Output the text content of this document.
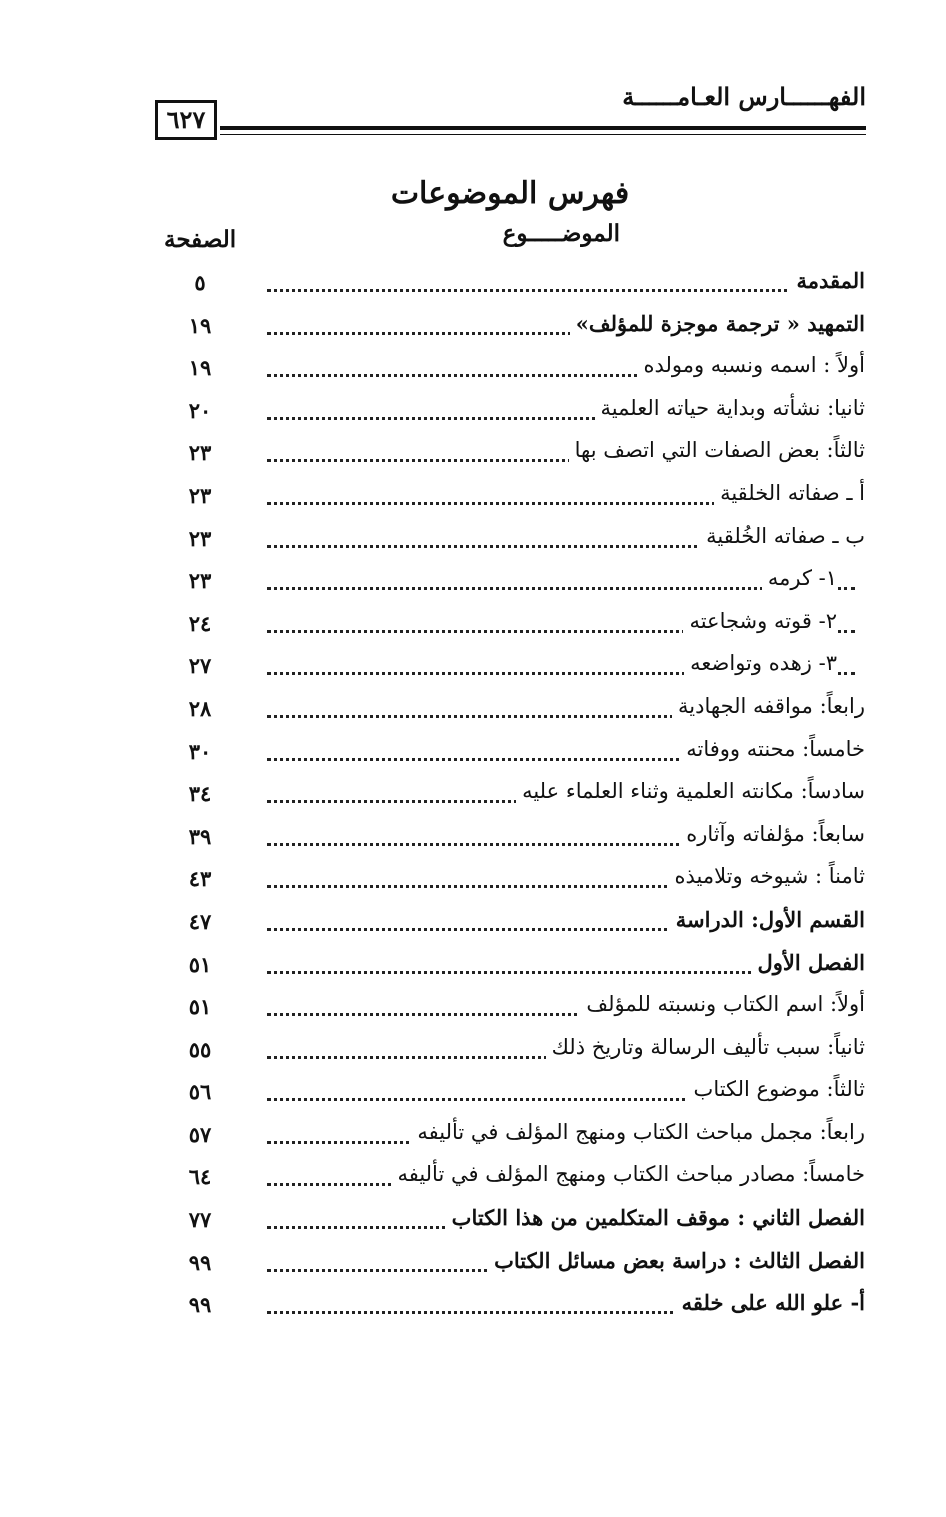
٦٢٧
الفهــــــارس العـامــــــة
فهرس الموضوعات
الموضـــــوع
الصفحة
المقدمة
٥
التمهيد « ترجمة موجزة للمؤلف»
١٩
أولاً : اسمه ونسبه ومولده
١٩
ثانيا: نشأته وبداية حياته العلمية
٢٠
ثالثاً: بعض الصفات التي اتصف بها
٢٣
أ ـ صفاته الخلقية
٢٣
ب ـ صفاته الخُلقية
٢٣
١- كرمه
٢٣
٢- قوته وشجاعته
٢٤
٣- زهده وتواضعه
٢٧
رابعاً: مواقفه الجهادية
٢٨
خامساً: محنته ووفاته
٣٠
سادساً: مكانته العلمية وثناء العلماء عليه
٣٤
سابعاً: مؤلفاته وآثاره
٣٩
ثامناً : شيوخه وتلاميذه
٤٣
القسم الأول: الدراسة
٤٧
الفصل الأول
٥١
أولاً: اسم الكتاب ونسبته للمؤلف
٥١
ثانياً: سبب تأليف الرسالة وتاريخ ذلك
٥٥
ثالثاً: موضوع الكتاب
٥٦
رابعاً: مجمل مباحث الكتاب ومنهج المؤلف في تأليفه
٥٧
خامساً: مصادر مباحث الكتاب ومنهج المؤلف في تأليفه
٦٤
الفصل الثاني : موقف المتكلمين من هذا الكتاب
٧٧
الفصل الثالث : دراسة بعض مسائل الكتاب
٩٩
أ- علو الله على خلقه
٩٩
